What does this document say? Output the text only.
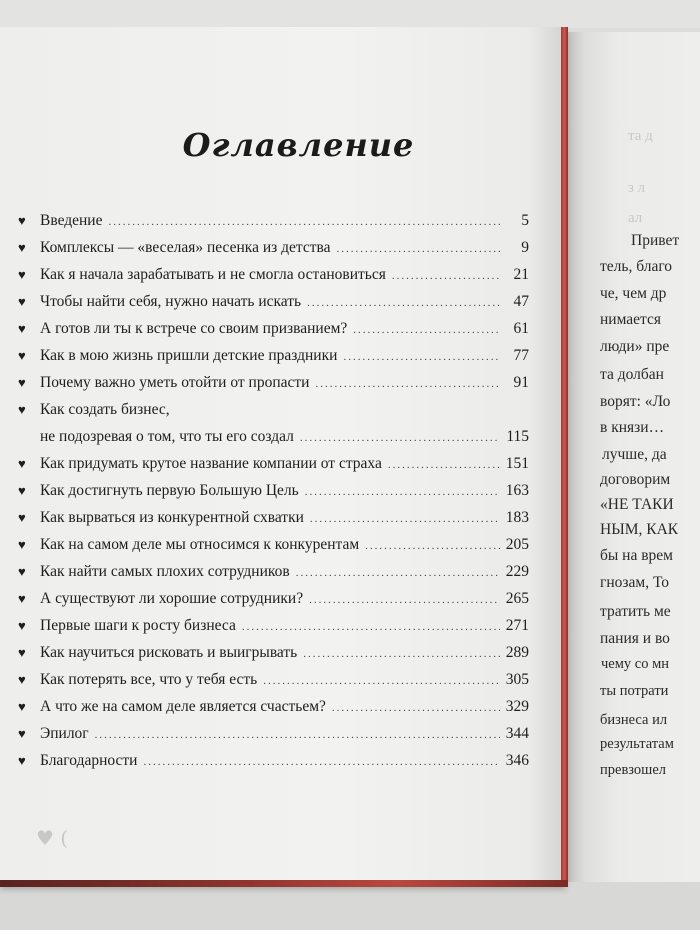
та д
з л
ал
Привет
тель, благо
че, чем др
нимается
люди» пре
та долбан
ворят: «Ло
в князи…
лучше, да
договорим
«НЕ ТАКИ
НЫМ, КАК
бы на врем
гнозам, То
тратить ме
пания и во
чему со мн
ты потрати
бизнеса ил
результатам
превзошел
Оглавление
♥ Введение .....	5
♥ Комплексы — «веселая» песенка из детства .....	9
♥ Как я начала зарабатывать и не смогла остановиться .....	21
♥ Чтобы найти себя, нужно начать искать .....	47
♥ А готов ли ты к встрече со своим призванием? .....	61
♥ Как в мою жизнь пришли детские праздники .....	77
♥ Почему важно уметь отойти от пропасти .....	91
♥ Как создать бизнес,
не подозревая о том, что ты его создал .....	115
♥ Как придумать крутое название компании от страха .....	151
♥ Как достигнуть первую Большую Цель .....	163
♥ Как вырваться из конкурентной схватки .....	183
♥ Как на самом деле мы относимся к конкурентам .....	205
♥ Как найти самых плохих сотрудников .....	229
♥ А существуют ли хорошие сотрудники? .....	265
♥ Первые шаги к росту бизнеса .....	271
♥ Как научиться рисковать и выигрывать .....	289
♥ Как потерять все, что у тебя есть .....	305
♥ А что же на самом деле является счастьем? .....	329
♥ Эпилог .....	344
♥ Благодарности .....	346
♥ (
